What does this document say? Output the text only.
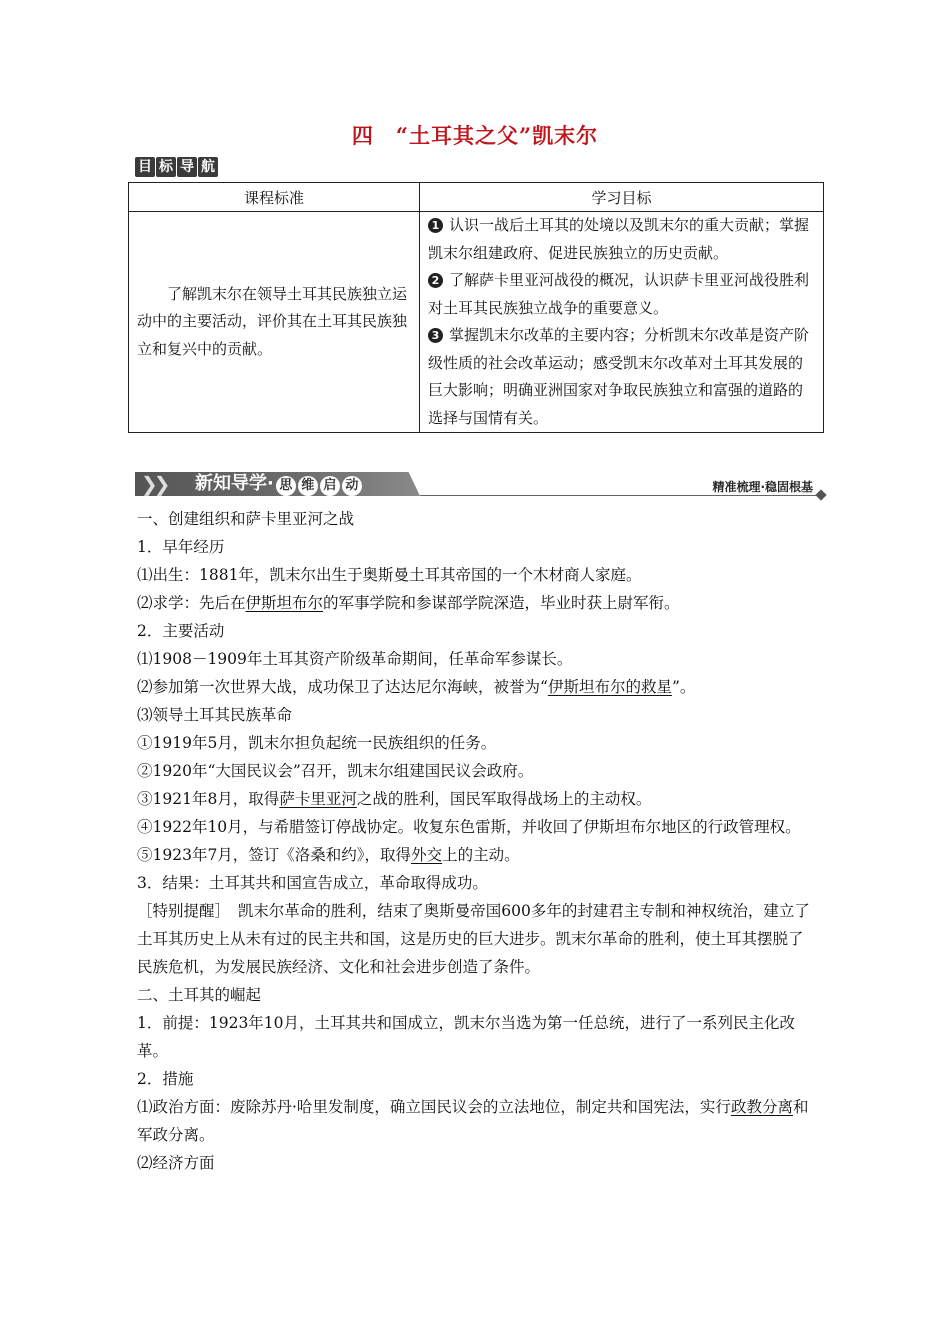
四　“土耳其之父”凯末尔
目 标 导 航
课程标准	学习目标
了解凯末尔在领导土耳其民族独立运动中的主要活动，评价其在土耳其民族独立和复兴中的贡献。	1 认识一战后土耳其的处境以及凯末尔的重大贡献；掌握凯末尔组建政府、促进民族独立的历史贡献。
2 了解萨卡里亚河战役的概况，认识萨卡里亚河战役胜利对土耳其民族独立战争的重要意义。
3 掌握凯末尔改革的主要内容；分析凯末尔改革是资产阶级性质的社会改革运动；感受凯末尔改革对土耳其发展的巨大影响；明确亚洲国家对争取民族独立和富强的道路的选择与国情有关。
❯❯ 新知导学· 思 维 启 动	精准梳理·稳固根基

一、创建组织和萨卡里亚河之战

1．早年经历

⑴出生：1881年，凯末尔出生于奥斯曼土耳其帝国的一个木材商人家庭。

⑵求学：先后在伊斯坦布尔的军事学院和参谋部学院深造，毕业时获上尉军衔。

2．主要活动

⑴1908－1909年土耳其资产阶级革命期间，任革命军参谋长。

⑵参加第一次世界大战，成功保卫了达达尼尔海峡，被誉为“伊斯坦布尔的救星”。

⑶领导土耳其民族革命

①1919年5月，凯末尔担负起统一民族组织的任务。

②1920年“大国民议会”召开，凯末尔组建国民议会政府。

③1921年8月，取得萨卡里亚河之战的胜利，国民军取得战场上的主动权。

④1922年10月，与希腊签订停战协定。收复东色雷斯，并收回了伊斯坦布尔地区的行政管理权。

⑤1923年7月，签订《洛桑和约》，取得外交上的主动。

3．结果：土耳其共和国宣告成立，革命取得成功。

［特别提醒］　凯末尔革命的胜利，结束了奥斯曼帝国600多年的封建君主专制和神权统治，建立了土耳其历史上从未有过的民主共和国，这是历史的巨大进步。凯末尔革命的胜利，使土耳其摆脱了民族危机，为发展民族经济、文化和社会进步创造了条件。

二、土耳其的崛起

1．前提：1923年10月，土耳其共和国成立，凯末尔当选为第一任总统，进行了一系列民主化改革。

2．措施

⑴政治方面：废除苏丹·哈里发制度，确立国民议会的立法地位，制定共和国宪法，实行政教分离和军政分离。

⑵经济方面
